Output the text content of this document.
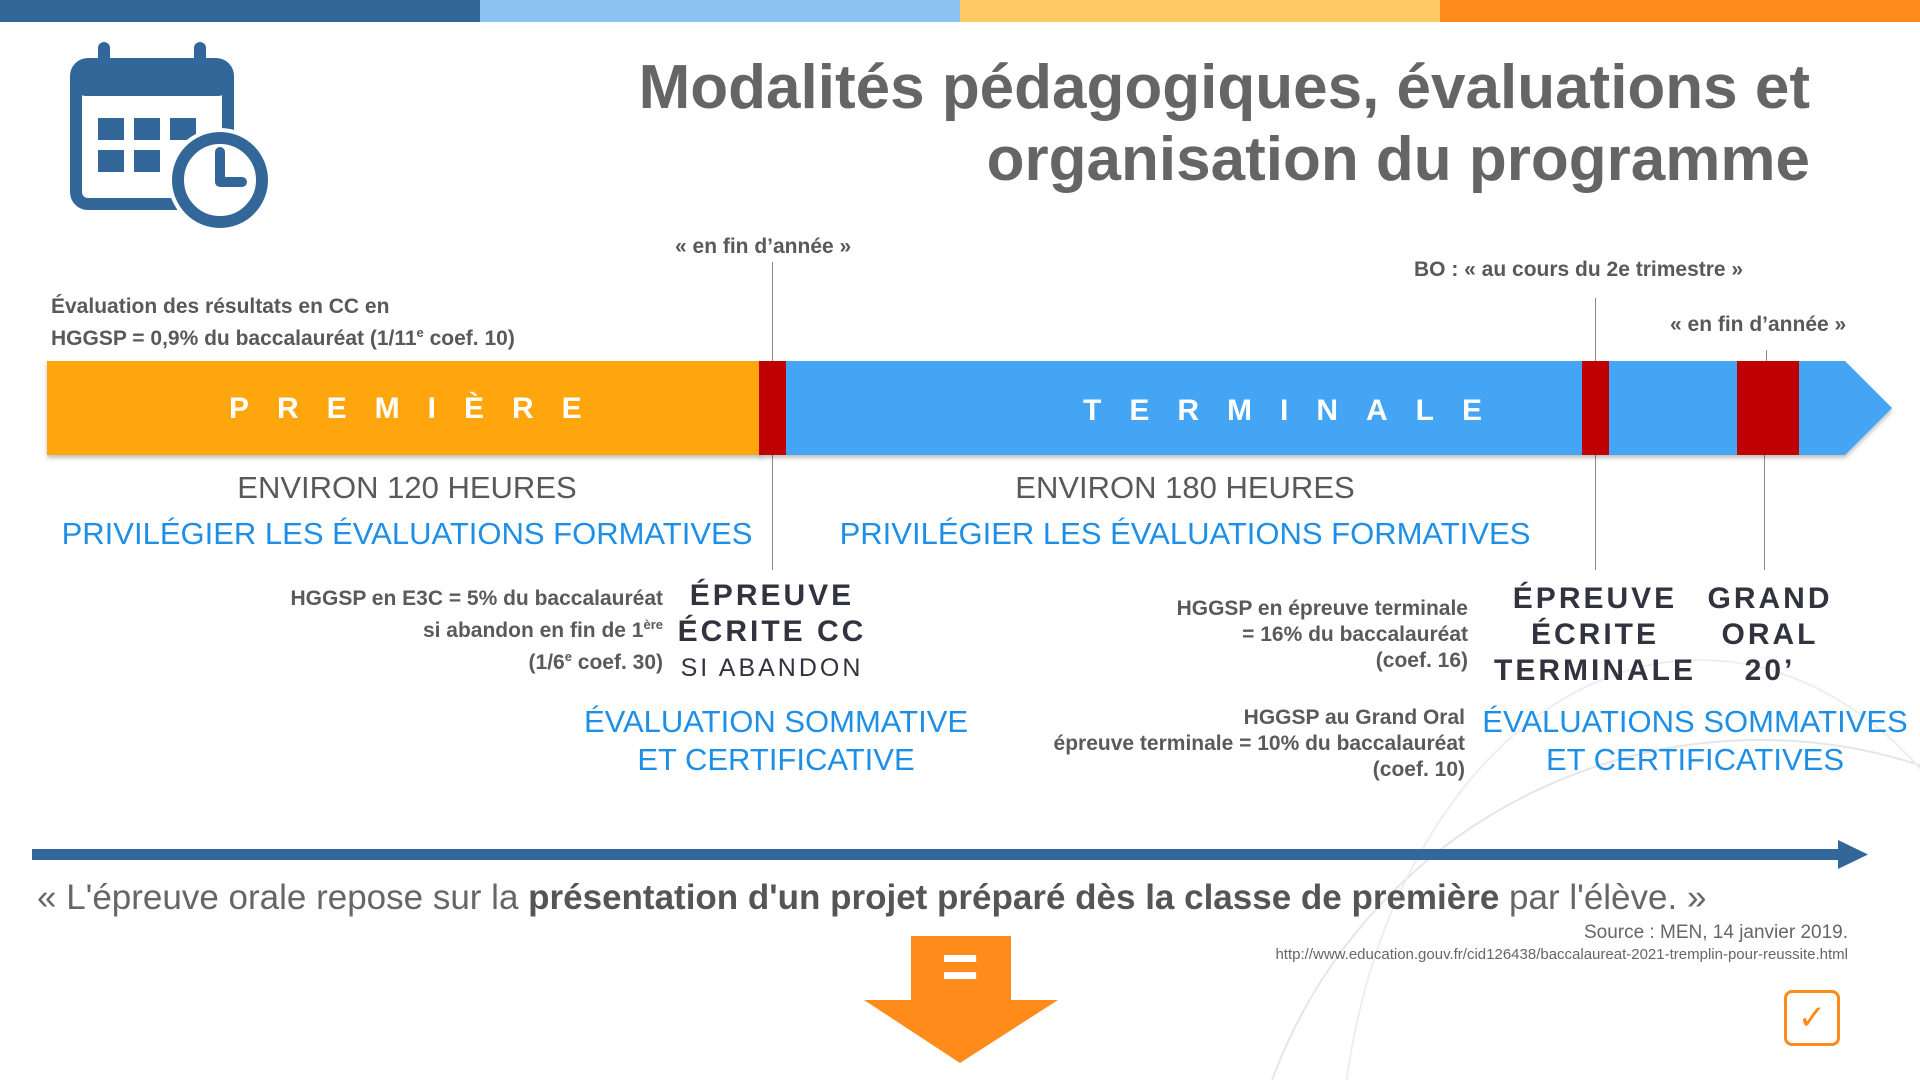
Modalités pédagogiques, évaluations et
organisation du programme
Évaluation des résultats en CC en
HGGSP = 0,9% du baccalauréat (1/11e coef. 10)
« en fin d’année »
BO : « au cours du 2e trimestre »
« en fin d’année »
PREMIÈRE	TERMINALE
ENVIRON 120 HEURES
PRIVILÉGIER LES ÉVALUATIONS FORMATIVES
HGGSP en E3C = 5% du baccalauréat
si abandon en fin de 1ère
(1/6e coef. 30)
ÉPREUVE
ÉCRITE CC
SI ABANDON
ÉVALUATION SOMMATIVE
ET CERTIFICATIVE
ENVIRON 180 HEURES
PRIVILÉGIER LES ÉVALUATIONS FORMATIVES
HGGSP en épreuve terminale
= 16% du baccalauréat
(coef. 16)
HGGSP au Grand Oral
épreuve terminale = 10% du baccalauréat
(coef. 10)
ÉPREUVE
ÉCRITE
TERMINALE
GRAND
ORAL
20’
ÉVALUATIONS SOMMATIVES
ET CERTIFICATIVES
« L'épreuve orale repose sur la présentation d'un projet préparé dès la classe de première par l'élève. »
Source : MEN, 14 janvier 2019.
http://www.education.gouv.fr/cid126438/baccalaureat-2021-tremplin-pour-reussite.html
=
✓
